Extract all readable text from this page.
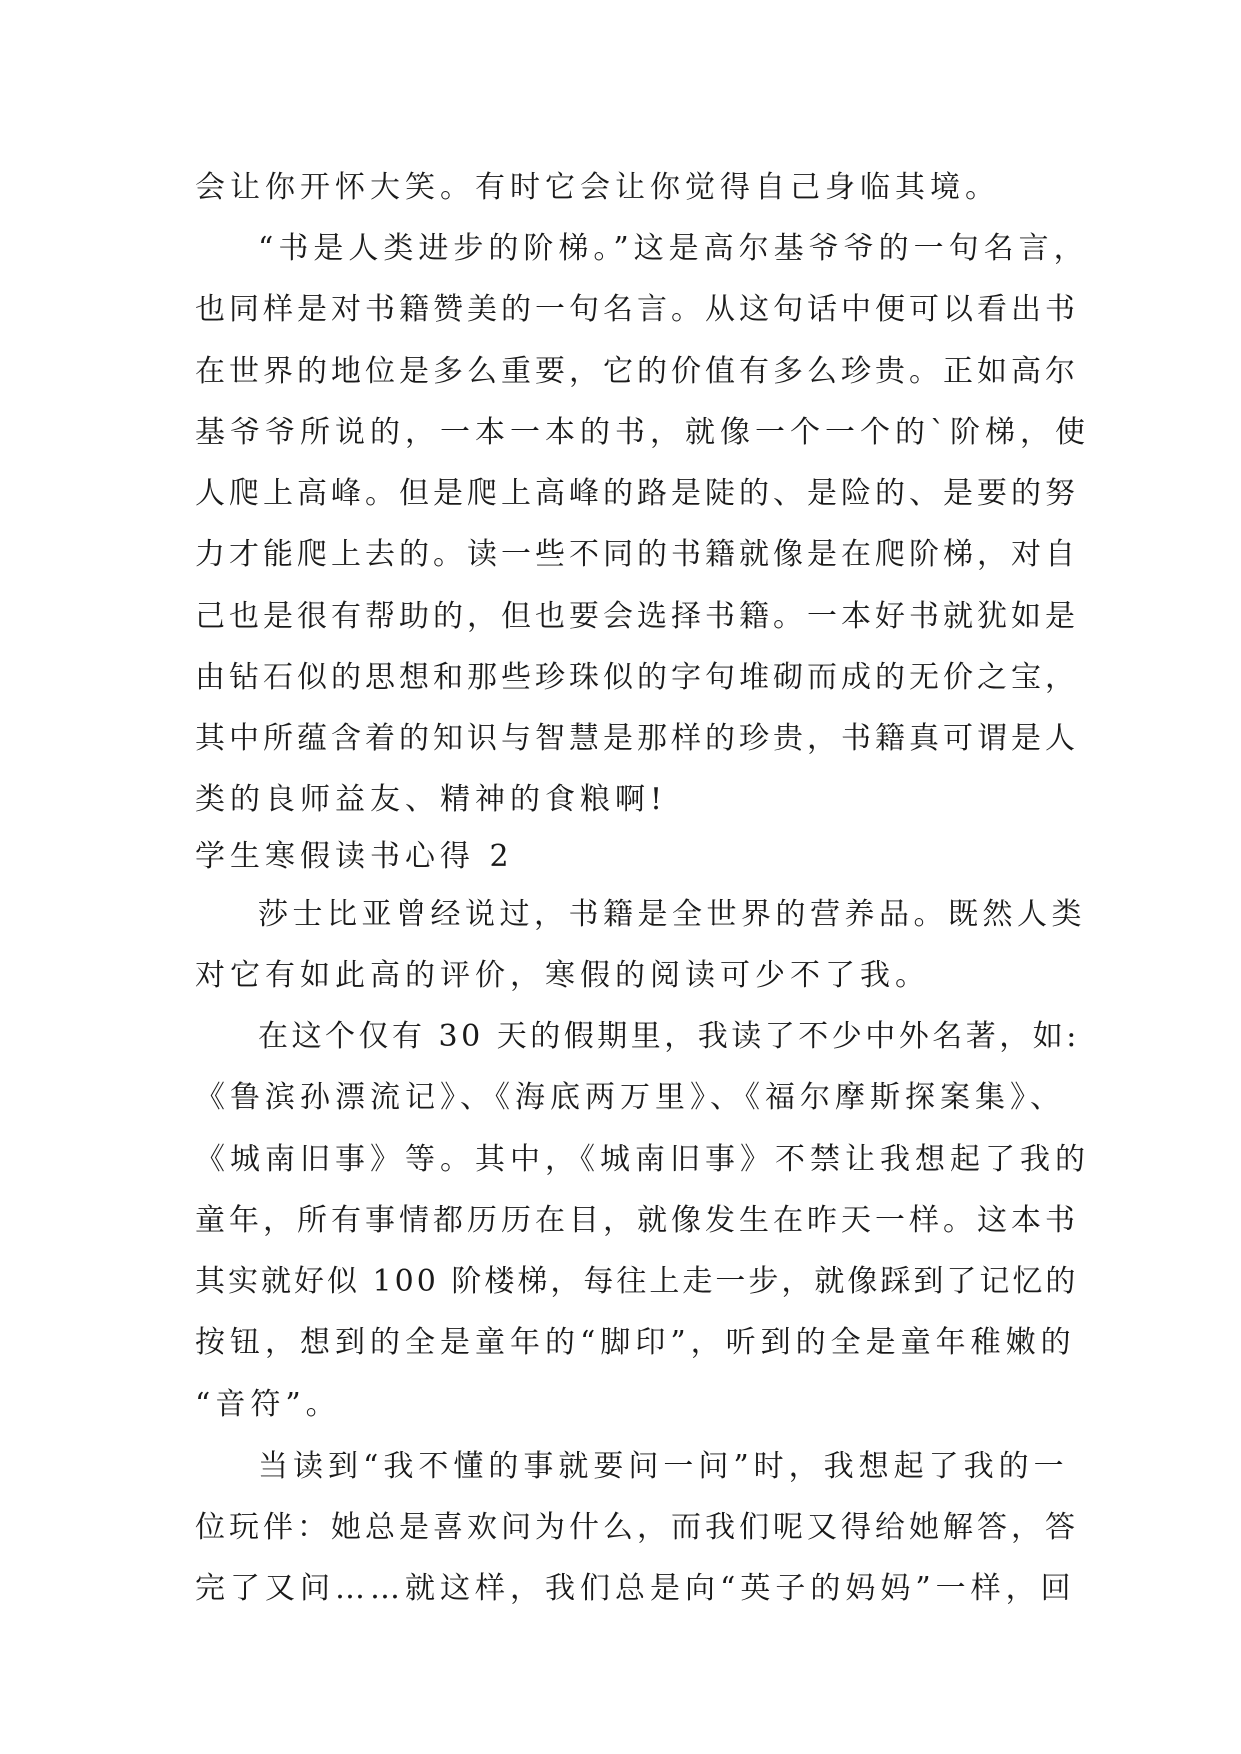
会让你开怀大笑。有时它会让你觉得自己身临其境。

“书是人类进步的阶梯。”这是高尔基爷爷的一句名言，

也同样是对书籍赞美的一句名言。从这句话中便可以看出书

在世界的地位是多么重要，它的价值有多么珍贵。正如高尔

基爷爷所说的，一本一本的书，就像一个一个的`阶梯，使

人爬上高峰。但是爬上高峰的路是陡的、是险的、是要的努

力才能爬上去的。读一些不同的书籍就像是在爬阶梯，对自

己也是很有帮助的，但也要会选择书籍。一本好书就犹如是

由钻石似的思想和那些珍珠似的字句堆砌而成的无价之宝，

其中所蕴含着的知识与智慧是那样的珍贵，书籍真可谓是人

类的良师益友、精神的食粮啊!

学生寒假读书心得 2

莎士比亚曾经说过，书籍是全世界的营养品。既然人类

对它有如此高的评价，寒假的阅读可少不了我。

在这个仅有 30 天的假期里，我读了不少中外名著，如:

《鲁滨孙漂流记》、《海底两万里》、《福尔摩斯探案集》、

《城南旧事》等。其中，《城南旧事》不禁让我想起了我的

童年，所有事情都历历在目，就像发生在昨天一样。这本书

其实就好似 100 阶楼梯，每往上走一步，就像踩到了记忆的

按钮，想到的全是童年的“脚印”，听到的全是童年稚嫩的

“音符”。

当读到“我不懂的事就要问一问”时，我想起了我的一

位玩伴：她总是喜欢问为什么，而我们呢又得给她解答，答

完了又问……就这样，我们总是向“英子的妈妈”一样，回
